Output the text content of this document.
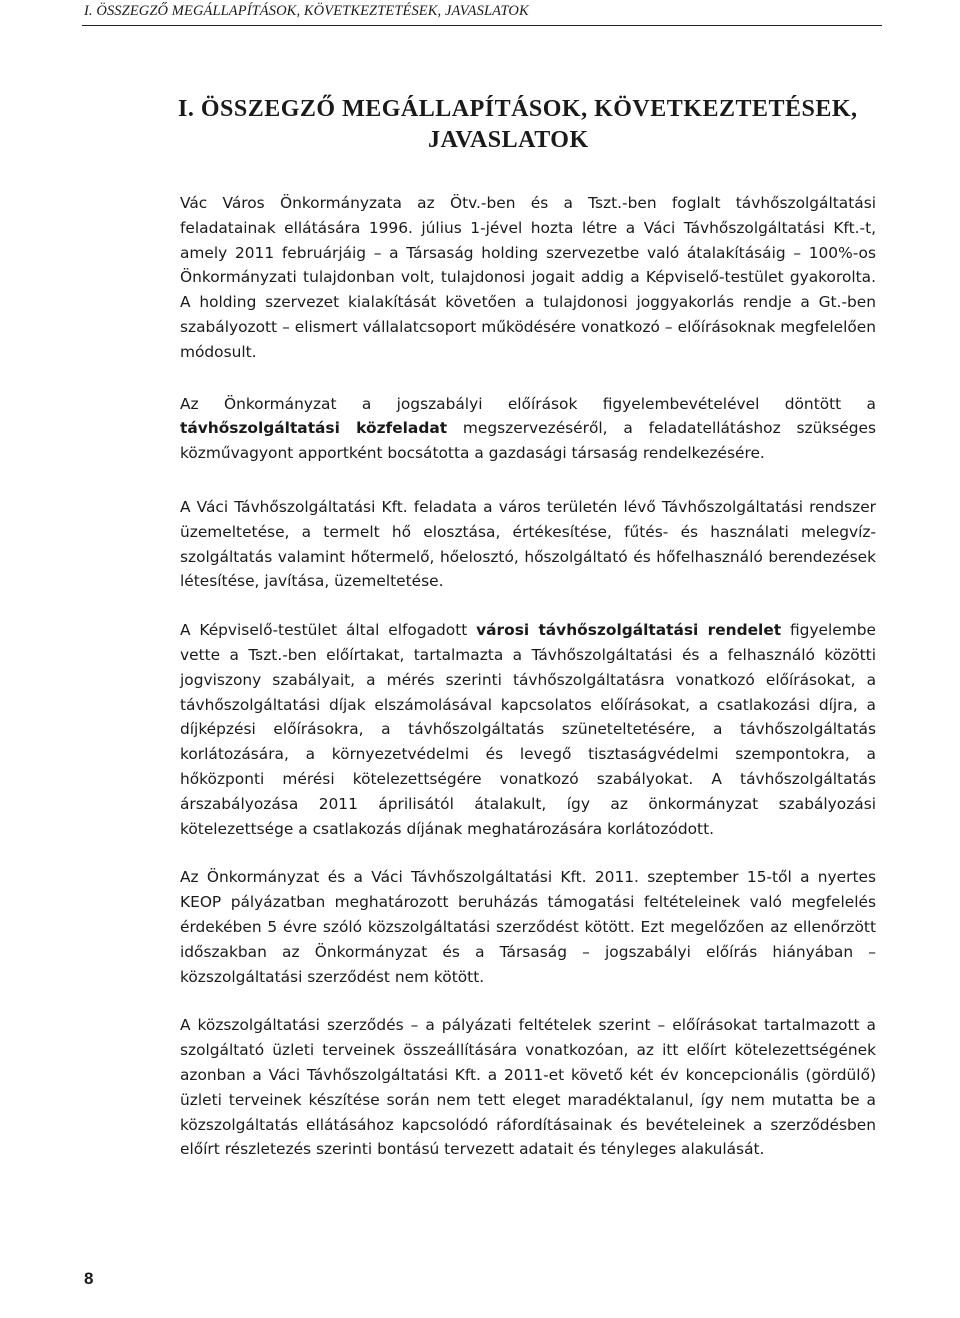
I. ÖSSZEGZŐ MEGÁLLAPÍTÁSOK, KÖVETKEZTETÉSEK, JAVASLATOK
I. ÖSSZEGZŐ MEGÁLLAPÍTÁSOK, KÖVETKEZTETÉSEK,
JAVASLATOK

Vác Város Önkormányzata az Ötv.-ben és a Tszt.-ben foglalt távhőszolgáltatási feladatainak ellátására 1996. július 1-jével hozta létre a Váci Távhőszolgáltatási Kft.-t, amely 2011 februárjáig – a Társaság holding szervezetbe való átalakításáig – 100%-os Önkormányzati tulajdonban volt, tulajdonosi jogait addig a Képviselő-testület gyakorolta. A holding szervezet kialakítását követően a tulajdonosi joggyakorlás rendje a Gt.-ben szabályozott – elismert vállalatcsoport működésére vonatkozó – előírásoknak megfelelően módosult.

Az Önkormányzat a jogszabályi előírások figyelembevételével döntött a távhőszolgáltatási közfeladat megszervezéséről, a feladatellátáshoz szükséges közművagyont apportként bocsátotta a gazdasági társaság rendelkezésére.

A Váci Távhőszolgáltatási Kft. feladata a város területén lévő Távhőszolgáltatási rendszer üzemeltetése, a termelt hő elosztása, értékesítése, fűtés- és használati melegvíz-szolgáltatás valamint hőtermelő, hőelosztó, hőszolgáltató és hőfelhasználó berendezések létesítése, javítása, üzemeltetése.

A Képviselő-testület által elfogadott városi távhőszolgáltatási rendelet figyelembe vette a Tszt.-ben előírtakat, tartalmazta a Távhőszolgáltatási és a felhasználó közötti jogviszony szabályait, a mérés szerinti távhőszolgáltatásra vonatkozó előírásokat, a távhőszolgáltatási díjak elszámolásával kapcsolatos előírásokat, a csatlakozási díjra, a díjképzési előírásokra, a távhőszolgáltatás szüneteltetésére, a távhőszolgáltatás korlátozására, a környezetvédelmi és levegő tisztaságvédelmi szempontokra, a hőközponti mérési kötelezettségére vonatkozó szabályokat. A távhőszolgáltatás árszabályozása 2011 áprilisától átalakult, így az önkormányzat szabályozási kötelezettsége a csatlakozás díjának meghatározására korlátozódott.

Az Önkormányzat és a Váci Távhőszolgáltatási Kft. 2011. szeptember 15-től a nyertes KEOP pályázatban meghatározott beruházás támogatási feltételeinek való megfelelés érdekében 5 évre szóló közszolgáltatási szerződést kötött. Ezt megelőzően az ellenőrzött időszakban az Önkormányzat és a Társaság – jogszabályi előírás hiányában – közszolgáltatási szerződést nem kötött.

A közszolgáltatási szerződés – a pályázati feltételek szerint – előírásokat tartalmazott a szolgáltató üzleti terveinek összeállítására vonatkozóan, az itt előírt kötelezettségének azonban a Váci Távhőszolgáltatási Kft. a 2011-et követő két év koncepcionális (gördülő) üzleti terveinek készítése során nem tett eleget maradéktalanul, így nem mutatta be a közszolgáltatás ellátásához kapcsolódó ráfordításainak és bevételeinek a szerződésben előírt részletezés szerinti bontású tervezett adatait és tényleges alakulását.

8
